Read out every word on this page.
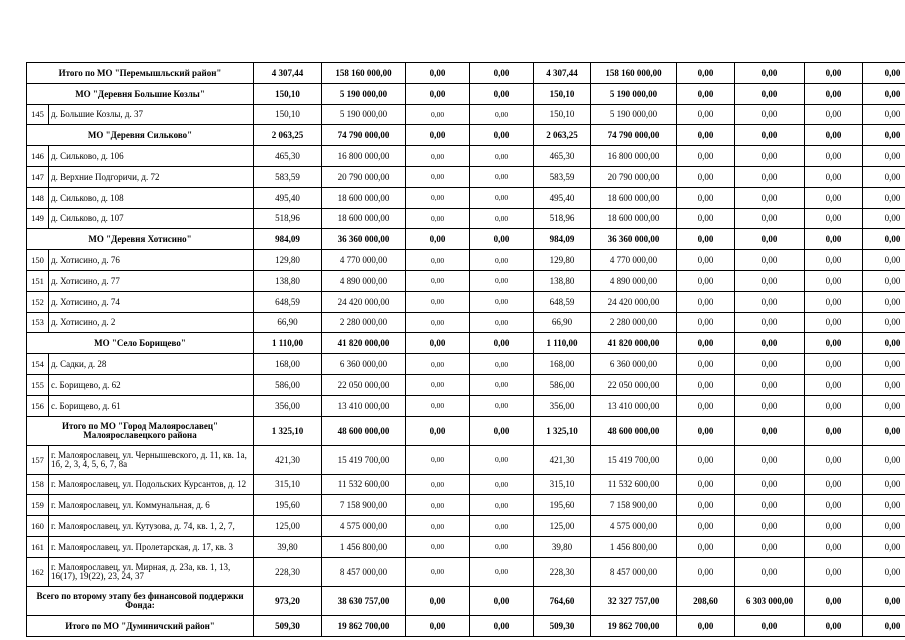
Итого по МО "Перемышльский район"		4 307,44	158 160 000,00	0,00	0,00	4 307,44	158 160 000,00	0,00	0,00	0,00	0,00
МО "Деревня Большие Козлы"		150,10	5 190 000,00	0,00	0,00	150,10	5 190 000,00	0,00	0,00	0,00	0,00
145	д. Большие Козлы, д. 37	150,10	5 190 000,00	0,00	0,00	150,10	5 190 000,00	0,00	0,00	0,00	0,00
МО "Деревня Сильково"		2 063,25	74 790 000,00	0,00	0,00	2 063,25	74 790 000,00	0,00	0,00	0,00	0,00
146	д. Сильково, д. 106	465,30	16 800 000,00	0,00	0,00	465,30	16 800 000,00	0,00	0,00	0,00	0,00
147	д. Верхние Подгоричи, д. 72	583,59	20 790 000,00	0,00	0,00	583,59	20 790 000,00	0,00	0,00	0,00	0,00
148	д. Сильково, д. 108	495,40	18 600 000,00	0,00	0,00	495,40	18 600 000,00	0,00	0,00	0,00	0,00
149	д. Сильково, д. 107	518,96	18 600 000,00	0,00	0,00	518,96	18 600 000,00	0,00	0,00	0,00	0,00
МО "Деревня Хотисино"		984,09	36 360 000,00	0,00	0,00	984,09	36 360 000,00	0,00	0,00	0,00	0,00
150	д. Хотисино, д. 76	129,80	4 770 000,00	0,00	0,00	129,80	4 770 000,00	0,00	0,00	0,00	0,00
151	д. Хотисино, д. 77	138,80	4 890 000,00	0,00	0,00	138,80	4 890 000,00	0,00	0,00	0,00	0,00
152	д. Хотисино, д. 74	648,59	24 420 000,00	0,00	0,00	648,59	24 420 000,00	0,00	0,00	0,00	0,00
153	д. Хотисино, д. 2	66,90	2 280 000,00	0,00	0,00	66,90	2 280 000,00	0,00	0,00	0,00	0,00
МО "Село Борищево"		1 110,00	41 820 000,00	0,00	0,00	1 110,00	41 820 000,00	0,00	0,00	0,00	0,00
154	д. Садки, д. 28	168,00	6 360 000,00	0,00	0,00	168,00	6 360 000,00	0,00	0,00	0,00	0,00
155	с. Борищево, д. 62	586,00	22 050 000,00	0,00	0,00	586,00	22 050 000,00	0,00	0,00	0,00	0,00
156	с. Борищево, д. 61	356,00	13 410 000,00	0,00	0,00	356,00	13 410 000,00	0,00	0,00	0,00	0,00
Итого по МО "Город Малоярославец" Малоярославецкого района		1 325,10	48 600 000,00	0,00	0,00	1 325,10	48 600 000,00	0,00	0,00	0,00	0,00
157	г. Малоярославец, ул. Чернышевского, д. 11, кв. 1а, 1б, 2, 3, 4, 5, 6, 7, 8а	421,30	15 419 700,00	0,00	0,00	421,30	15 419 700,00	0,00	0,00	0,00	0,00
158	г. Малоярославец, ул. Подольских Курсантов, д. 12	315,10	11 532 600,00	0,00	0,00	315,10	11 532 600,00	0,00	0,00	0,00	0,00
159	г. Малоярославец, ул. Коммунальная, д. 6	195,60	7 158 900,00	0,00	0,00	195,60	7 158 900,00	0,00	0,00	0,00	0,00
160	г. Малоярославец, ул. Кутузова, д. 74, кв. 1, 2, 7,	125,00	4 575 000,00	0,00	0,00	125,00	4 575 000,00	0,00	0,00	0,00	0,00
161	г. Малоярославец, ул. Пролетарская, д. 17, кв. 3	39,80	1 456 800,00	0,00	0,00	39,80	1 456 800,00	0,00	0,00	0,00	0,00
162	г. Малоярославец, ул. Мирная, д. 23а, кв. 1, 13, 16(17), 19(22), 23, 24, 37	228,30	8 457 000,00	0,00	0,00	228,30	8 457 000,00	0,00	0,00	0,00	0,00
Всего по второму этапу без финансовой поддержки Фонда:		973,20	38 630 757,00	0,00	0,00	764,60	32 327 757,00	208,60	6 303 000,00	0,00	0,00
Итого по МО "Думиничский район"		509,30	19 862 700,00	0,00	0,00	509,30	19 862 700,00	0,00	0,00	0,00	0,00
